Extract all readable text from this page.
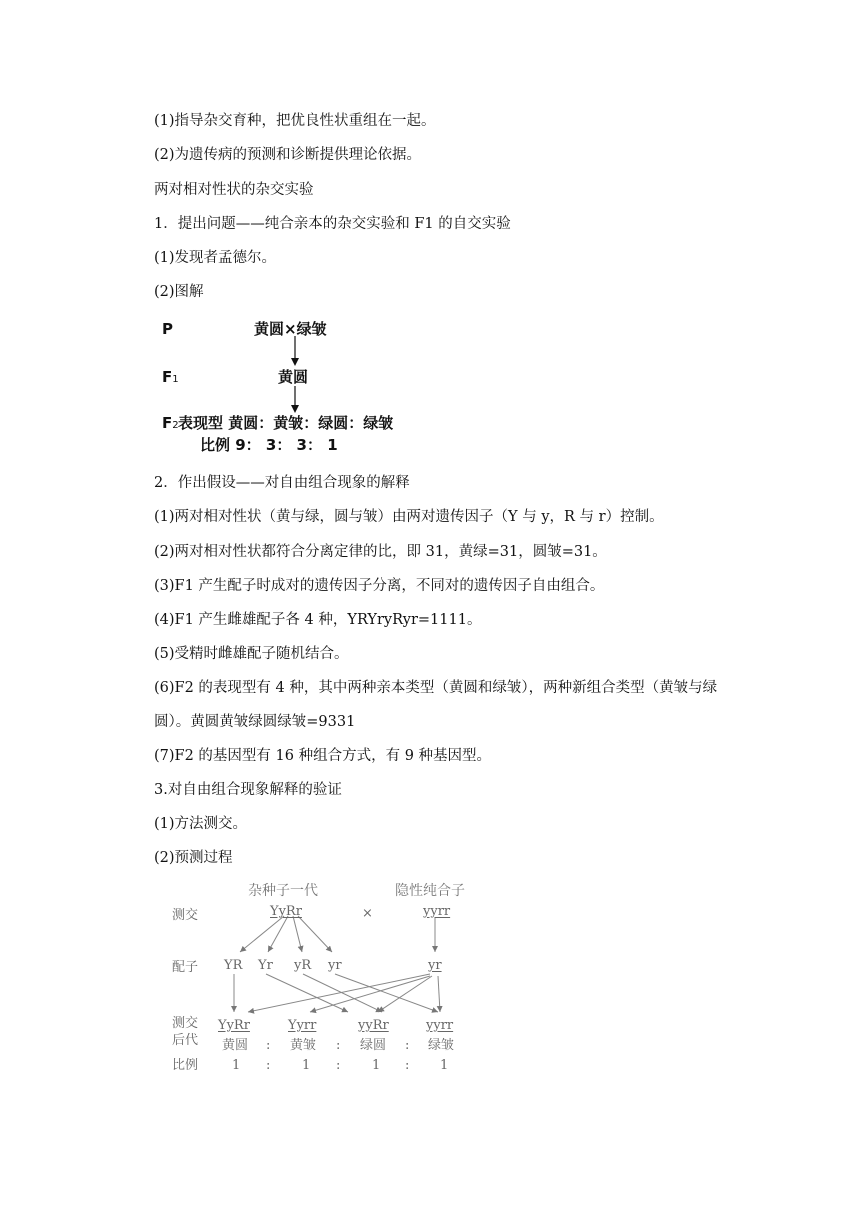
(1)指导杂交育种，把优良性状重组在一起。
(2)为遗传病的预测和诊断提供理论依据。
两对相对性状的杂交实验
1．提出问题——纯合亲本的杂交实验和 F1 的自交实验
(1)发现者孟德尔。
(2)图解
P	黄圆×绿皱
F1	黄圆
F2 表现型 黄圆：黄皱：绿圆：绿皱
比例 9： 3： 3： 1
2．作出假设——对自由组合现象的解释
(1)两对相对性状（黄与绿，圆与皱）由两对遗传因子（Y 与 y，R 与 r）控制。
(2)两对相对性状都符合分离定律的比，即 31，黄绿=31，圆皱=31。
(3)F1 产生配子时成对的遗传因子分离，不同对的遗传因子自由组合。
(4)F1 产生雌雄配子各 4 种，YRYryRyr=1111。
(5)受精时雌雄配子随机结合。
(6)F2 的表现型有 4 种，其中两种亲本类型（黄圆和绿皱），两种新组合类型（黄皱与绿
圆）。黄圆黄皱绿圆绿皱=9331
(7)F2 的基因型有 16 种组合方式，有 9 种基因型。
3.对自由组合现象解释的验证
(1)方法测交。
(2)预测过程
杂种子一代	隐性纯合子
测交	YyRr	×	yyrr
配子 YR Yr yR yr	yr
测交
后代
YyRr	Yyrr	yyRr	yyrr
黄圆 : 黄皱 : 绿圆 : 绿皱
比例	1 : 1 : 1 : 1
